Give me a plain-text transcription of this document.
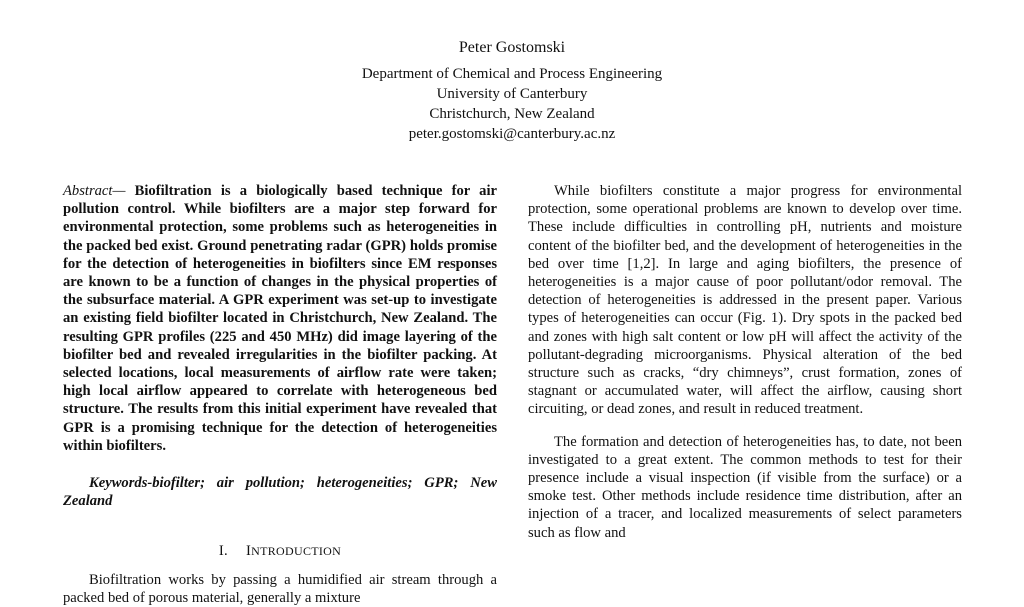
Peter Gostomski
Department of Chemical and Process Engineering
University of Canterbury
Christchurch, New Zealand
peter.gostomski@canterbury.ac.nz

Abstract— Biofiltration is a biologically based technique for air pollution control. While biofilters are a major step forward for environmental protection, some problems such as heterogeneities in the packed bed exist. Ground penetrating radar (GPR) holds promise for the detection of heterogeneities in biofilters since EM responses are known to be a function of changes in the physical properties of the subsurface material. A GPR experiment was set-up to investigate an existing field biofilter located in Christchurch, New Zealand. The resulting GPR profiles (225 and 450 MHz) did image layering of the biofilter bed and revealed irregularities in the biofilter packing. At selected locations, local measurements of airflow rate were taken; high local airflow appeared to correlate with heterogeneous bed structure. The results from this initial experiment have revealed that GPR is a promising technique for the detection of heterogeneities within biofilters.

Keywords-biofilter; air pollution; heterogeneities; GPR; New Zealand

I. INTRODUCTION

Biofiltration works by passing a humidified air stream through a packed bed of porous material, generally a mixture

While biofilters constitute a major progress for environmental protection, some operational problems are known to develop over time. These include difficulties in controlling pH, nutrients and moisture content of the biofilter bed, and the development of heterogeneities in the bed over time [1,2]. In large and aging biofilters, the presence of heterogeneities is a major cause of poor pollutant/odor removal. The detection of heterogeneities is addressed in the present paper. Various types of heterogeneities can occur (Fig. 1). Dry spots in the packed bed and zones with high salt content or low pH will affect the activity of the pollutant-degrading microorganisms. Physical alteration of the bed structure such as cracks, “dry chimneys”, crust formation, zones of stagnant or accumulated water, will affect the airflow, causing short circuiting, or dead zones, and result in reduced treatment.

The formation and detection of heterogeneities has, to date, not been investigated to a great extent. The common methods to test for their presence include a visual inspection (if visible from the surface) or a smoke test. Other methods include residence time distribution, after an injection of a tracer, and localized measurements of select parameters such as flow and
